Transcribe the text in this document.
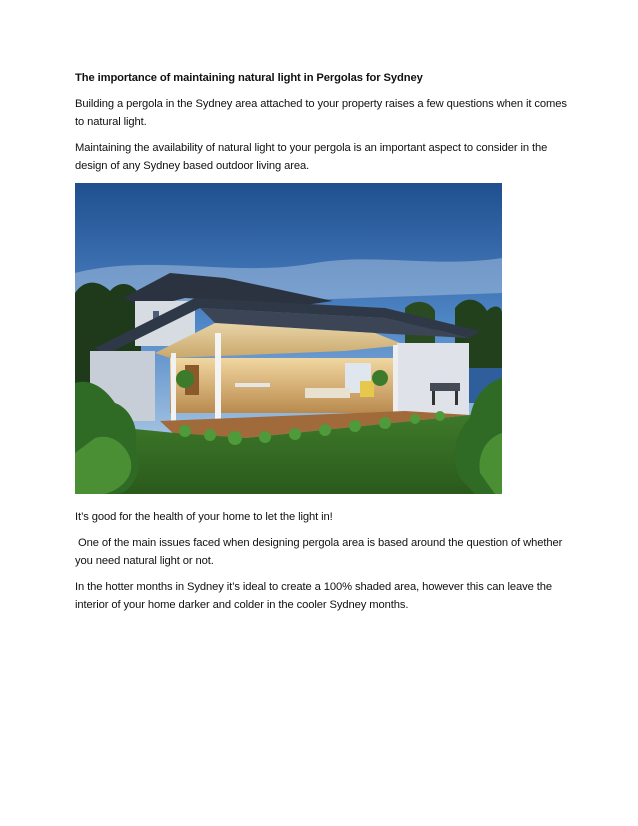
The importance of maintaining natural light in Pergolas for Sydney

Building a pergola in the Sydney area attached to your property raises a few questions when it comes to natural light.

Maintaining the availability of natural light to your pergola is an important aspect to consider in the design of any Sydney based outdoor living area.

It’s good for the health of your home to let the light in!

One of the main issues faced when designing pergola area is based around the question of whether you need natural light or not.

In the hotter months in Sydney it’s ideal to create a 100% shaded area, however this can leave the interior of your home darker and colder in the cooler Sydney months.
